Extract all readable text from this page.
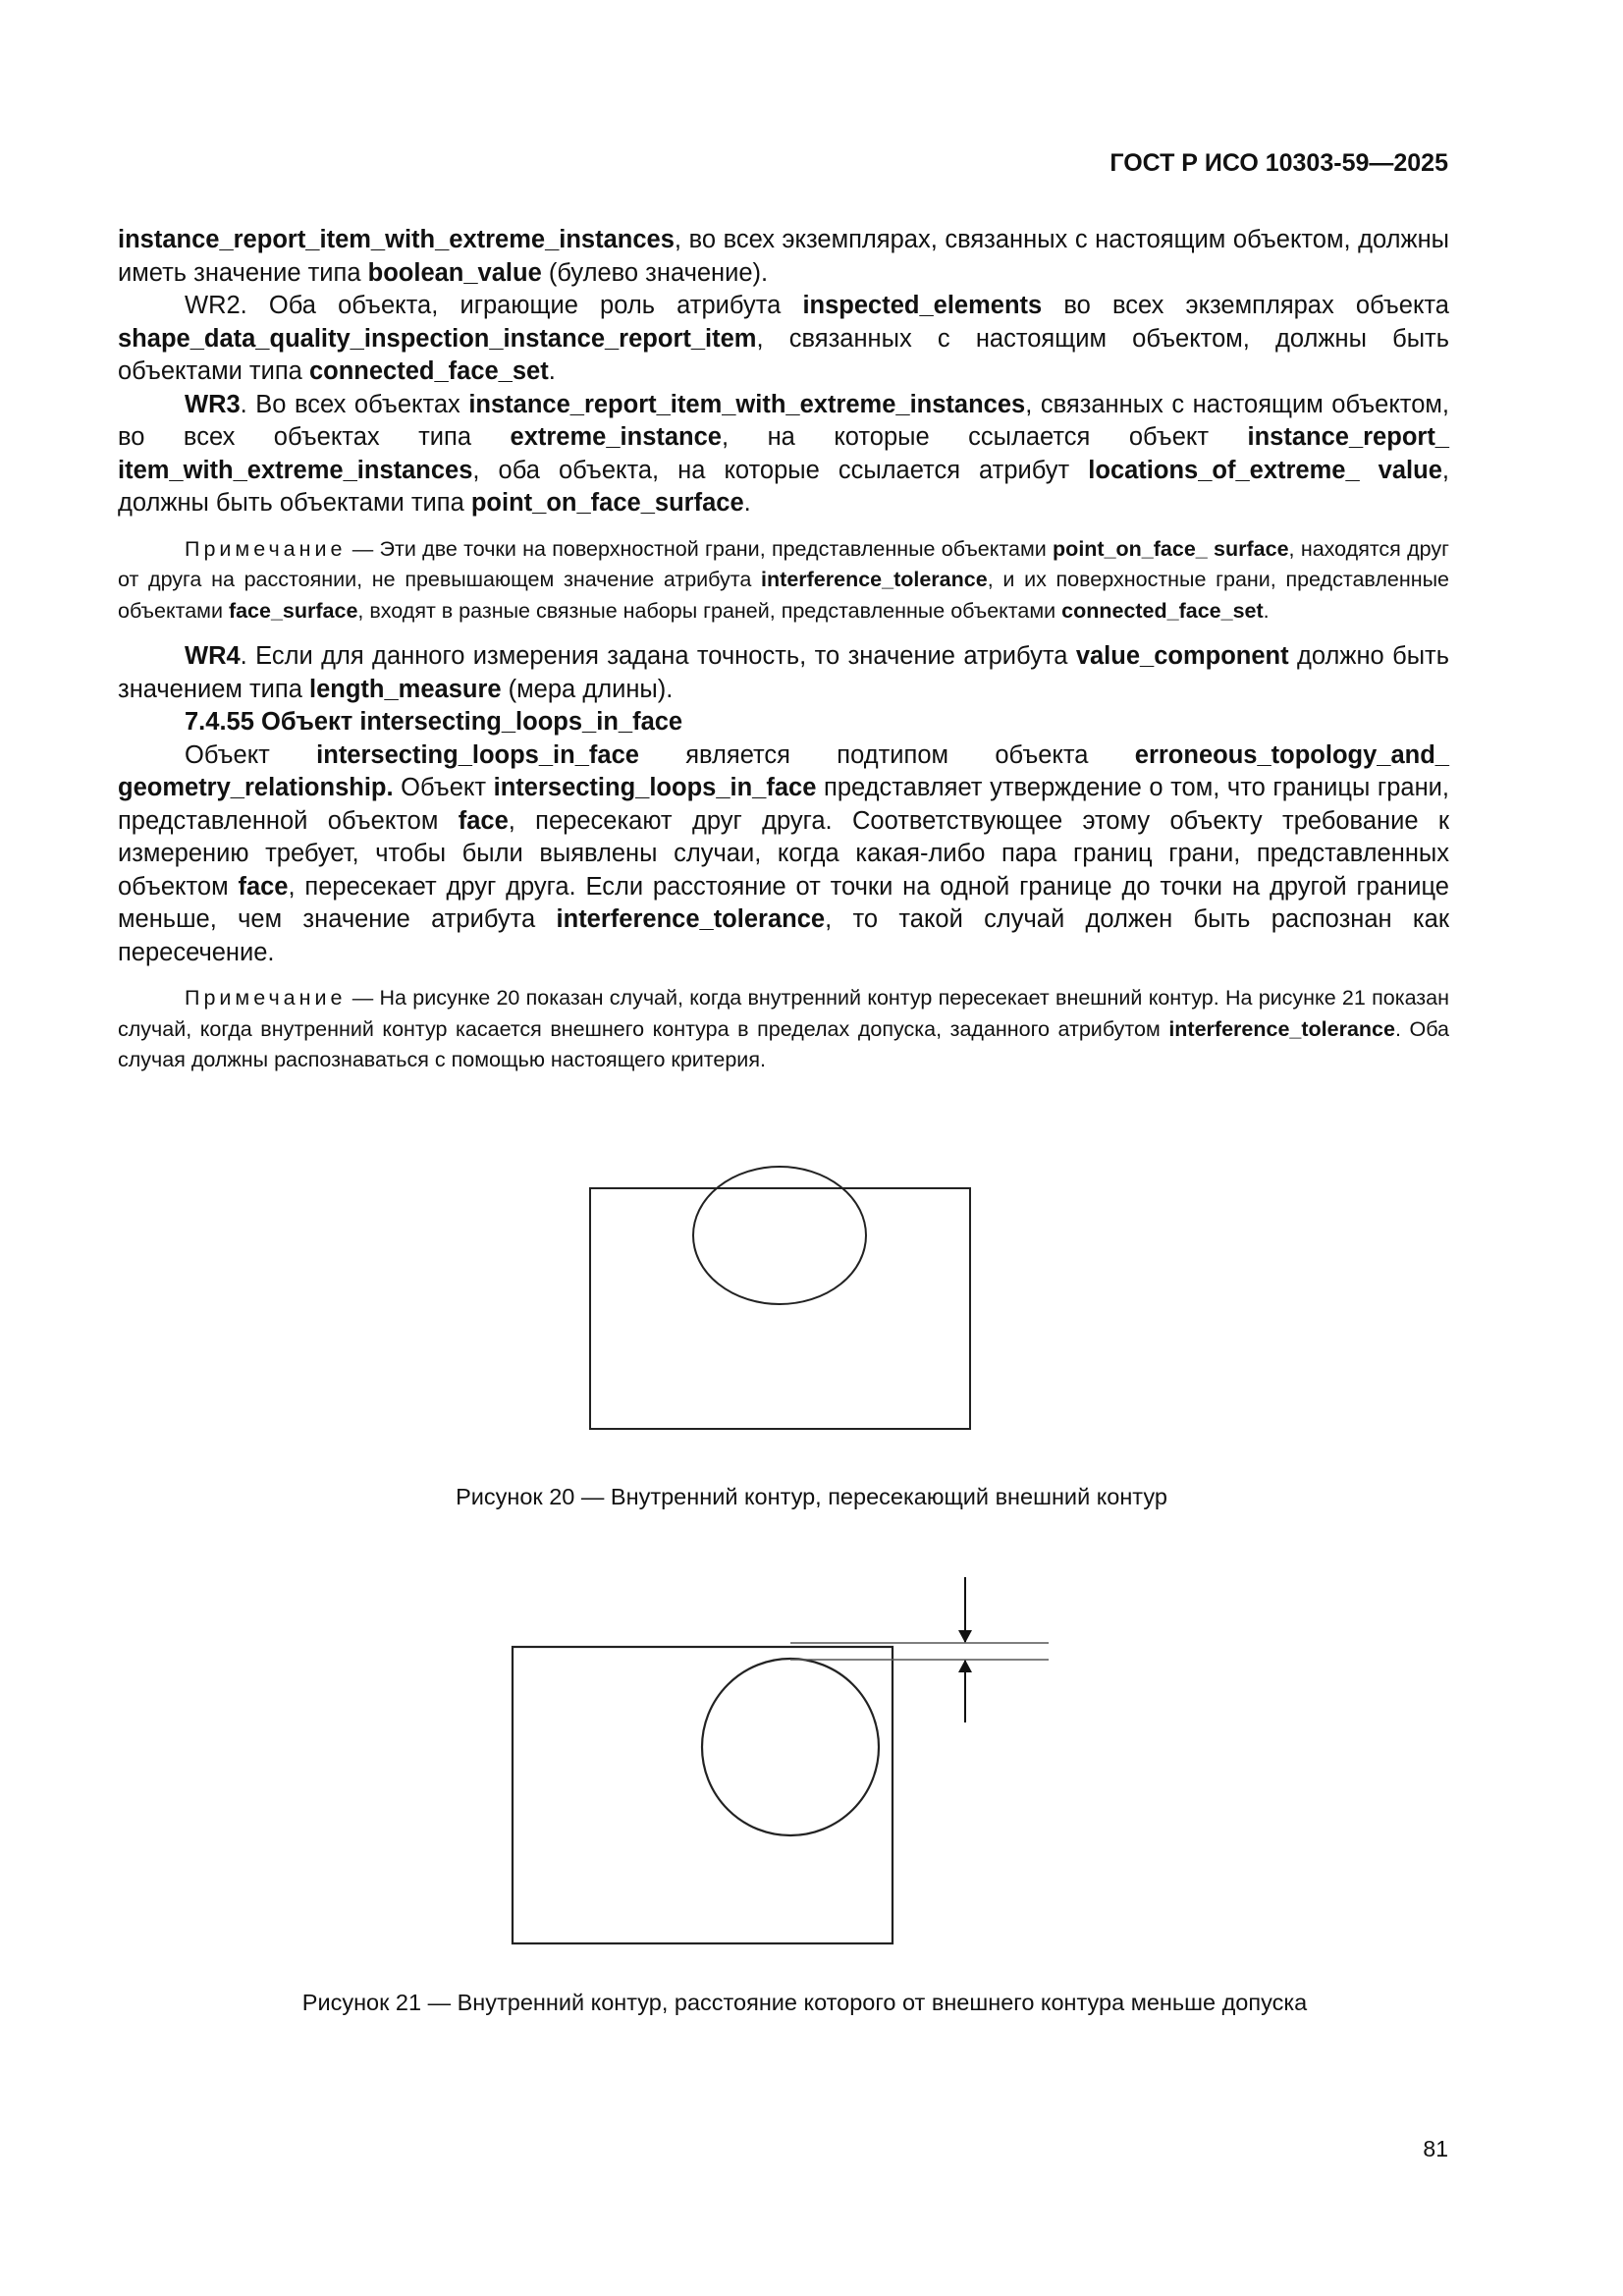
ГОСТ Р ИСО 10303-59—2025

instance_report_item_with_extreme_instances, во всех экземплярах, связанных с настоящим объектом, должны иметь значение типа boolean_value (булево значение).

WR2. Оба объекта, играющие роль атрибута inspected_elements во всех экземплярах объекта shape_data_quality_inspection_instance_report_item, связанных с настоящим объектом, должны быть объектами типа connected_face_set.

WR3. Во всех объектах instance_report_item_with_extreme_instances, связанных с настоящим объектом, во всех объектах типа extreme_instance, на которые ссылается объект instance_report_ item_with_extreme_instances, оба объекта, на которые ссылается атрибут locations_of_extreme_ value, должны быть объектами типа point_on_face_surface.

Примечание — Эти две точки на поверхностной грани, представленные объектами point_on_face_ surface, находятся друг от друга на расстоянии, не превышающем значение атрибута interference_tolerance, и их поверхностные грани, представленные объектами face_surface, входят в разные связные наборы граней, представленные объектами connected_face_set.

WR4. Если для данного измерения задана точность, то значение атрибута value_component должно быть значением типа length_measure (мера длины).

7.4.55 Объект intersecting_loops_in_face

Объект intersecting_loops_in_face является подтипом объекта erroneous_topology_and_ geometry_relationship. Объект intersecting_loops_in_face представляет утверждение о том, что границы грани, представленной объектом face, пересекают друг друга. Соответствующее этому объекту требование к измерению требует, чтобы были выявлены случаи, когда какая-либо пара границ грани, представленных объектом face, пересекает друг друга. Если расстояние от точки на одной границе до точки на другой границе меньше, чем значение атрибута interference_tolerance, то такой случай должен быть распознан как пересечение.

Примечание — На рисунке 20 показан случай, когда внутренний контур пересекает внешний контур. На рисунке 21 показан случай, когда внутренний контур касается внешнего контура в пределах допуска, заданного атрибутом interference_tolerance. Оба случая должны распознаваться с помощью настоящего критерия.

Рисунок 20 — Внутренний контур, пересекающий внешний контур
Рисунок 21 — Внутренний контур, расстояние которого от внешнего контура меньше допуска
81
